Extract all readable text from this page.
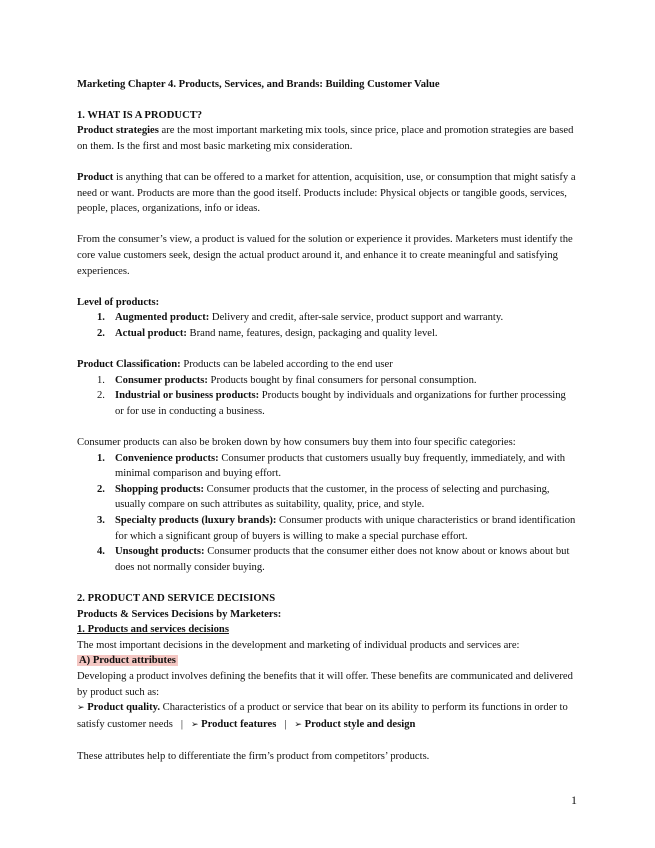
Marketing Chapter 4. Products, Services, and Brands: Building Customer Value

1. WHAT IS A PRODUCT?

Product strategies are the most important marketing mix tools, since price, place and promotion strategies are based on them. Is the first and most basic marketing mix consideration.

Product is anything that can be offered to a market for attention, acquisition, use, or consumption that might satisfy a need or want. Products are more than the good itself. Products include: Physical objects or tangible goods, services, people, places, organizations, info or ideas.

From the consumer’s view, a product is valued for the solution or experience it provides. Marketers must identify the core value customers seek, design the actual product around it, and enhance it to create meaningful and satisfying experiences.

Level of products:

1. Augmented product: Delivery and credit, after-sale service, product support and warranty.
2. Actual product: Brand name, features, design, packaging and quality level.

Product Classification: Products can be labeled according to the end user

1. Consumer products: Products bought by final consumers for personal consumption.
2. Industrial or business products: Products bought by individuals and organizations for further processing or for use in conducting a business.

Consumer products can also be broken down by how consumers buy them into four specific categories:

1. Convenience products: Consumer products that customers usually buy frequently, immediately, and with minimal comparison and buying effort.
2. Shopping products: Consumer products that the customer, in the process of selecting and purchasing, usually compare on such attributes as suitability, quality, price, and style.
3. Specialty products (luxury brands): Consumer products with unique characteristics or brand identification for which a significant group of buyers is willing to make a special purchase effort.
4. Unsought products: Consumer products that the consumer either does not know about or knows about but does not normally consider buying.
2. PRODUCT AND SERVICE DECISIONS

Products & Services Decisions by Marketers:

1. Products and services decisions

The most important decisions in the development and marketing of individual products and services are:

A) Product attributes

Developing a product involves defining the benefits that it will offer. These benefits are communicated and delivered by product such as:

➢ Product quality. Characteristics of a product or service that bear on its ability to perform its functions in order to satisfy customer needs | ➢ Product features | ➢ Product style and design

These attributes help to differentiate the firm’s product from competitors’ products.

1
